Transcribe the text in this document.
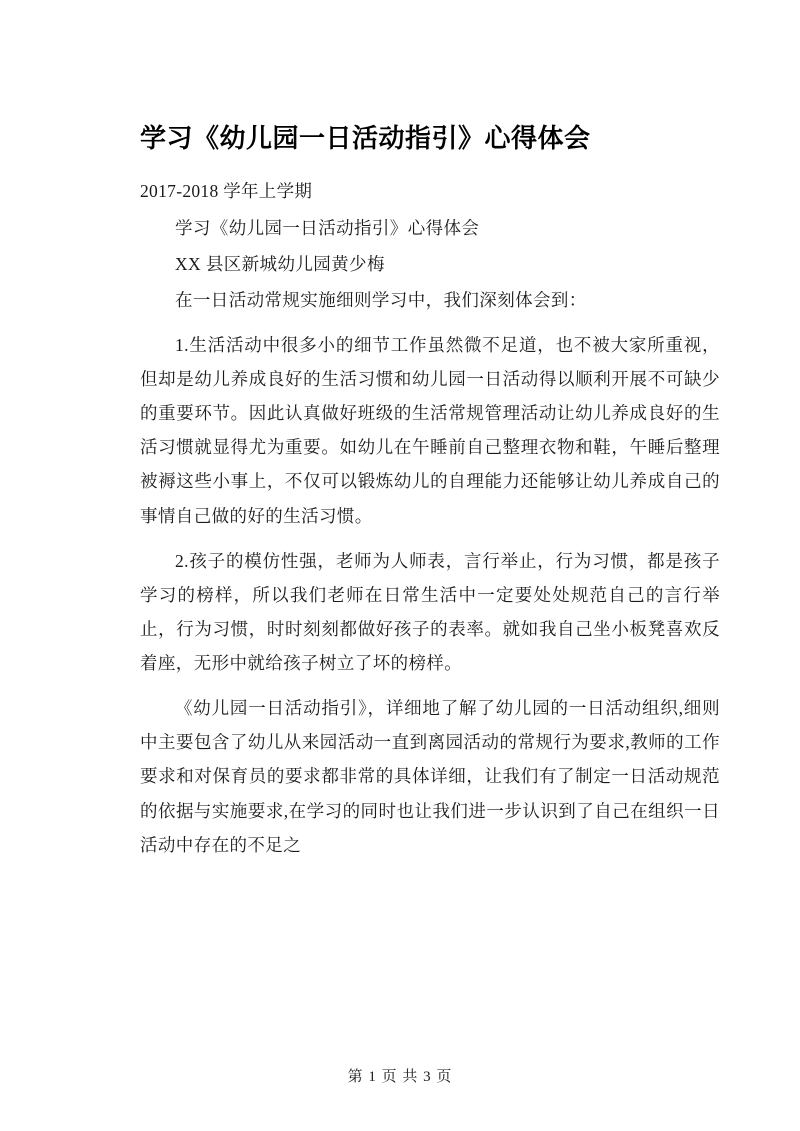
学习《幼儿园一日活动指引》心得体会

2017-2018 学年上学期

学习《幼儿园一日活动指引》心得体会

XX 县区新城幼儿园黄少梅

在一日活动常规实施细则学习中，我们深刻体会到：

1.生活活动中很多小的细节工作虽然微不足道，也不被大家所重视，但却是幼儿养成良好的生活习惯和幼儿园一日活动得以顺利开展不可缺少的重要环节。因此认真做好班级的生活常规管理活动让幼儿养成良好的生活习惯就显得尤为重要。如幼儿在午睡前自己整理衣物和鞋，午睡后整理被褥这些小事上，不仅可以锻炼幼儿的自理能力还能够让幼儿养成自己的事情自己做的好的生活习惯。

2.孩子的模仿性强，老师为人师表，言行举止，行为习惯，都是孩子学习的榜样，所以我们老师在日常生活中一定要处处规范自己的言行举止，行为习惯，时时刻刻都做好孩子的表率。就如我自己坐小板凳喜欢反着座，无形中就给孩子树立了坏的榜样。

《幼儿园一日活动指引》，详细地了解了幼儿园的一日活动组织,细则中主要包含了幼儿从来园活动一直到离园活动的常规行为要求,教师的工作要求和对保育员的要求都非常的具体详细，让我们有了制定一日活动规范的依据与实施要求,在学习的同时也让我们进一步认识到了自己在组织一日活动中存在的不足之

第 1 页 共 3 页
